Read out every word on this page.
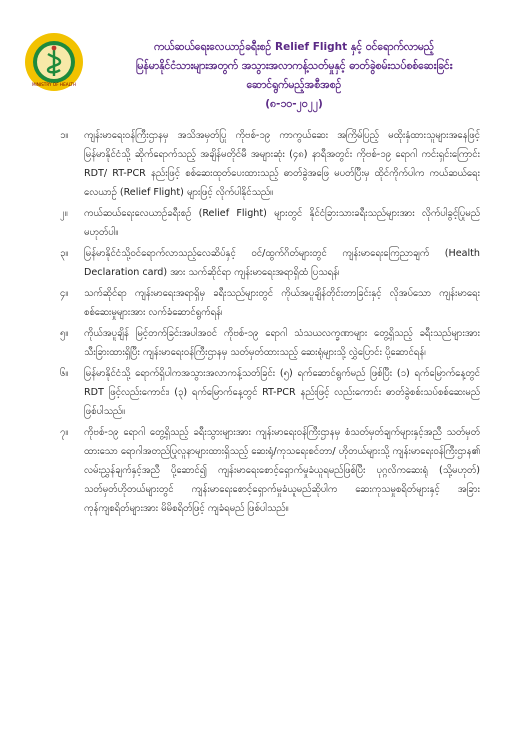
MINISTRY OF HEALTH
ကယ်ဆယ်ရေးလေယာဉ်ခရီးစဉ် Relief Flight နှင့် ဝင်ရောက်လာမည့်
မြန်မာနိုင်ငံသားများအတွက် အသွားအလာကန့်သတ်မှုနှင့် ဓာတ်ခွဲစမ်းသပ်စစ်ဆေးခြင်း
ဆောင်ရွက်မည့်အစီအစဉ်
(၈-၁၀-၂၀၂၂)
၁။	ကျန်းမာရေးဝန်ကြီးဌာနမှ အသိအမှတ်ပြု ကိုဗစ်-၁၉ ကာကွယ်ဆေး အကြိမ်ပြည့် မထိုးနှံထားသူများအနေဖြင့် မြန်မာနိုင်ငံသို့ ဆိုက်ရောက်သည့် အချိန်မတိုင်မီ အများဆုံး (၄၈) နာရီအတွင်း ကိုဗစ်-၁၉ ရောဂါ ကင်းရှင်းကြောင်း RDT/ RT-PCR နည်းဖြင့် စစ်ဆေးထုတ်ပေးထားသည့် ဓာတ်ခွဲအဖြေ မပတ်ပြီးမှ ထိုင်ကိုက်ပါက ကယ်ဆယ်ရေးလေယာဉ် (Relief Flight) များဖြင့် လိုက်ပါနိုင်သည်။
၂။	ကယ်ဆယ်ရေးလေယာဉ်ခရီးစဉ် (Relief Flight) များတွင် နိုင်ငံခြားသားခရီးသည်များအား လိုက်ပါခွင့်ပြုမည် မဟုတ်ပါ။
၃။	မြန်မာနိုင်ငံသို့ဝင်ရောက်လာသည့်လေဆိပ်နှင့် ဝင်/ထွက်ဂိတ်များတွင် ကျန်းမာရေးကြေညာချက် (Health Declaration card) အား သက်ဆိုင်ရာ ကျန်းမာရေးအရာရှိထံ ပြသရန်၊
၄။	သက်ဆိုင်ရာ ကျန်းမာရေးအရာရှိမှ ခရီးသည်များတွင် ကိုယ်အပူချိန်တိုင်းတာခြင်းနှင့် လိုအပ်သော ကျန်းမာရေးစစ်ဆေးမှုများအား လက်ခံဆောင်ရွက်ရန်၊
၅။	ကိုယ်အပူချိန် မြင့်တက်ခြင်းအပါအဝင် ကိုဗစ်-၁၉ ရောဂါ သံသယလက္ခဏာများ တွေ့ရှိသည့် ခရီးသည်များအား သီးခြားထားရှိပြီး ကျန်းမာရေးဝန်ကြီးဌာနမှ သတ်မှတ်ထားသည့် ဆေးရုံများသို့ လွှဲပြောင်း ပို့ဆောင်ရန်၊
၆။	မြန်မာနိုင်ငံသို့ ရောက်ရှိပါကအသွားအလာကန့်သတ်ခြင်း (၅) ရက်ဆောင်ရွက်မည် ဖြစ်ပြီး (၁) ရက်မြောက်နေ့တွင် RDT ဖြင့်လည်းကောင်း၊ (၃) ရက်မြောက်နေ့တွင် RT-PCR နည်းဖြင့် လည်းကောင်း ဓာတ်ခွဲစစ်းသပ်စစ်ဆေးမည် ဖြစ်ပါသည်။
၇။	ကိုဗစ်-၁၉ ရောဂါ တွေ့ရှိသည့် ခရီးသွားများအား ကျန်းမာရေးဝန်ကြီးဌာနမှ စံသတ်မှတ်ချက်များနှင့်အညီ သတ်မှတ်ထားသော ရောဂါအတည်ပြုလူနာများထားရှိသည့် ဆေးရုံ/ကုသရေးစင်တာ/ ဟိုတယ်များသို့ ကျန်းမာရေးဝန်ကြီးဌာန၏ လမ်းညွှန်ချက်နှင့်အညီ ပို့ဆောင်၍ ကျန်းမာရေးစောင့်ရှောက်မှုခံယူရမည်ဖြစ်ပြီး ပုဂ္ဂလိကဆေးရုံ (သို့မဟုတ်) သတ်မှတ်ဟိုတယ်များတွင် ကျန်းမာရေးစောင့်ရှောက်မှုခံယူမည်ဆိုပါက ဆေးကုသမှုစရိတ်များနှင့် အခြားကုန်ကျစရိတ်များအား မိမိစရိတ်ဖြင့် ကျခံရမည် ဖြစ်ပါသည်။
